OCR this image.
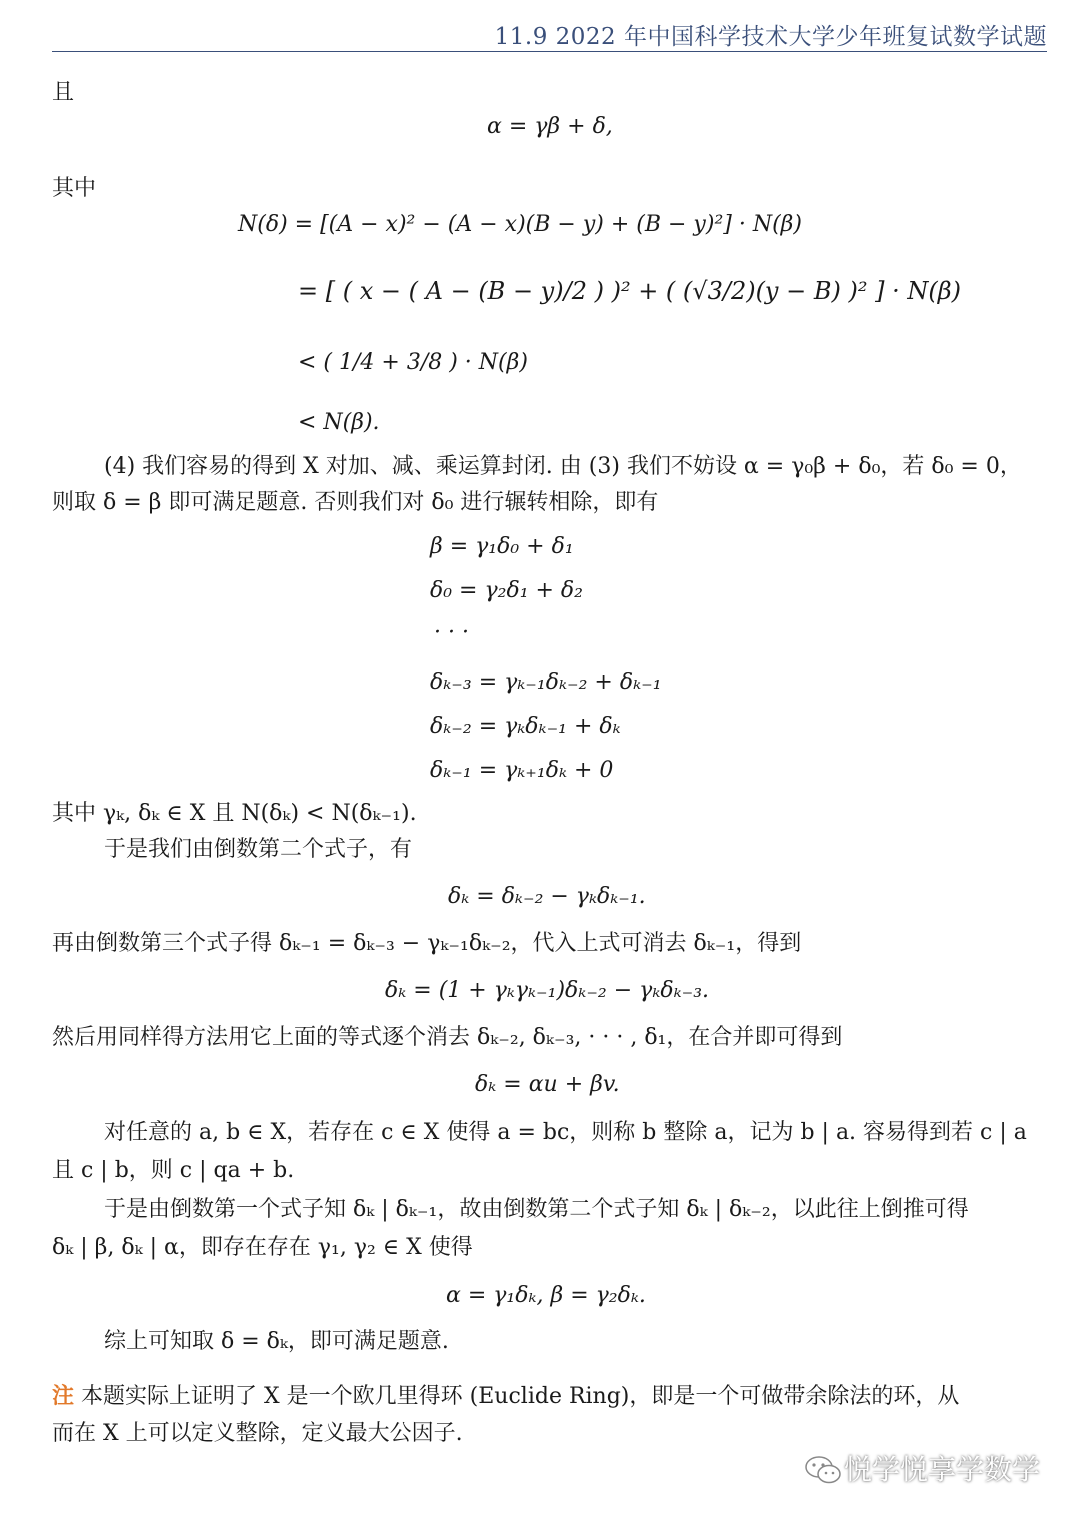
11.9 2022 年中国科学技术大学少年班复试数学试题
且
α = γβ + δ,
其中
N(δ) = [(A − x)² − (A − x)(B − y) + (B − y)²] · N(β)
= [ ( x − ( A − (B − y)/2 ) )² + ( (√3/2)(y − B) )² ] · N(β)
< ( 1/4 + 3/8 ) · N(β)
< N(β).
(4) 我们容易的得到 X 对加、减、乘运算封闭. 由 (3) 我们不妨设 α = γ₀β + δ₀，若 δ₀ = 0，
则取 δ = β 即可满足题意. 否则我们对 δ₀ 进行辗转相除，即有
β = γ₁δ₀ + δ₁
δ₀ = γ₂δ₁ + δ₂
· · ·
δₖ₋₃ = γₖ₋₁δₖ₋₂ + δₖ₋₁
δₖ₋₂ = γₖδₖ₋₁ + δₖ
δₖ₋₁ = γₖ₊₁δₖ + 0
其中 γₖ, δₖ ∈ X 且 N(δₖ) < N(δₖ₋₁).
于是我们由倒数第二个式子，有
δₖ = δₖ₋₂ − γₖδₖ₋₁.
再由倒数第三个式子得 δₖ₋₁ = δₖ₋₃ − γₖ₋₁δₖ₋₂，代入上式可消去 δₖ₋₁，得到
δₖ = (1 + γₖγₖ₋₁)δₖ₋₂ − γₖδₖ₋₃.
然后用同样得方法用它上面的等式逐个消去 δₖ₋₂, δₖ₋₃, · · · , δ₁，在合并即可得到
δₖ = αu + βv.
对任意的 a, b ∈ X，若存在 c ∈ X 使得 a = bc，则称 b 整除 a，记为 b | a. 容易得到若 c | a
且 c | b，则 c | qa + b.
于是由倒数第一个式子知 δₖ | δₖ₋₁，故由倒数第二个式子知 δₖ | δₖ₋₂，以此往上倒推可得
δₖ | β, δₖ | α，即存在存在 γ₁, γ₂ ∈ X 使得
α = γ₁δₖ, β = γ₂δₖ.
综上可知取 δ = δₖ，即可满足题意.
注 本题实际上证明了 X 是一个欧几里得环 (Euclide Ring)，即是一个可做带余除法的环，从
而在 X 上可以定义整除，定义最大公因子.
悦学悦享学数学
